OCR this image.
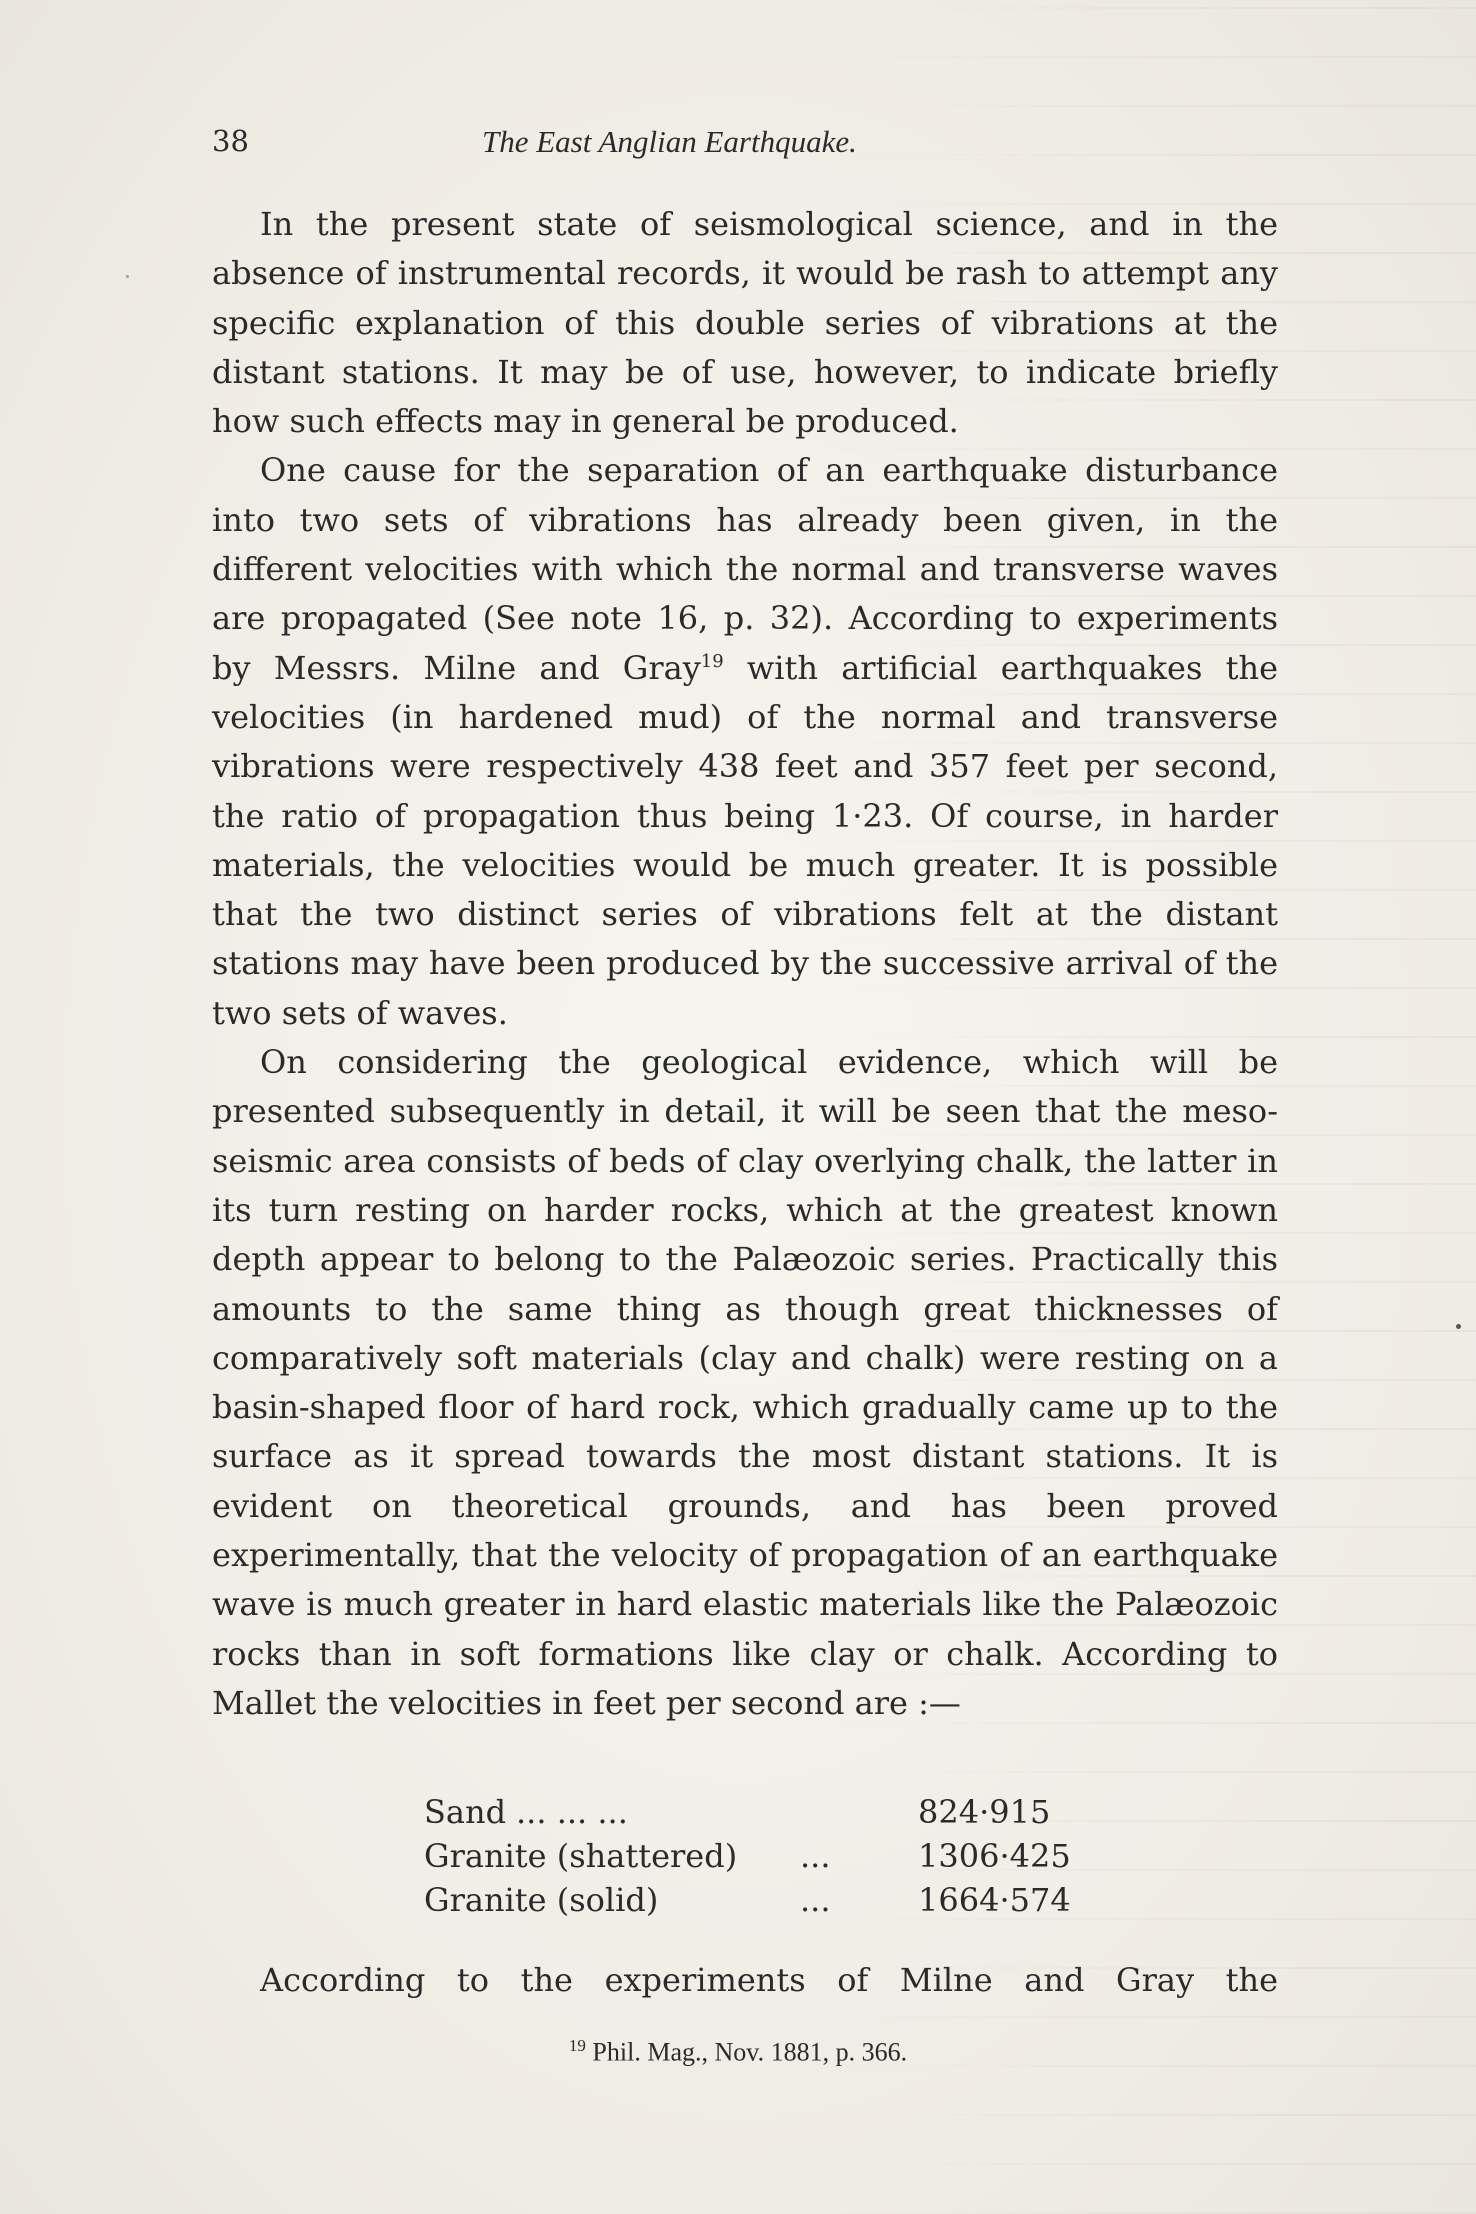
38	The East Anglian Earthquake.

In the present state of seismological science, and in the absence of instrumental records, it would be rash to attempt any specific explanation of this double series of vibrations at the distant stations. It may be of use, however, to indicate briefly how such effects may in general be produced.

One cause for the separation of an earthquake disturbance into two sets of vibrations has already been given, in the different velocities with which the normal and transverse waves are propagated (See note 16, p. 32). According to experiments by Messrs. Milne and Gray$^{19}$ with artificial earthquakes the velocities (in hardened mud) of the normal and transverse vibrations were respectively 438 feet and 357 feet per second, the ratio of propagation thus being 1·23. Of course, in harder materials, the velocities would be much greater. It is possible that the two distinct series of vibrations felt at the distant stations may have been produced by the successive arrival of the two sets of waves.

On considering the geological evidence, which will be presented subsequently in detail, it will be seen that the meso-seismic area consists of beds of clay overlying chalk, the latter in its turn resting on harder rocks, which at the greatest known depth appear to belong to the Palæozoic series. Practically this amounts to the same thing as though great thicknesses of comparatively soft materials (clay and chalk) were resting on a basin-shaped floor of hard rock, which gradually came up to the surface as it spread towards the most distant stations. It is evident on theoretical grounds, and has been proved experimentally, that the velocity of propagation of an earthquake wave is much greater in hard elastic materials like the Palæozoic rocks than in soft formations like clay or chalk. According to Mallet the velocities in feet per second are :—

Sand ... ... ...	824·915
Granite (shattered) ...	1306·425
Granite (solid)	...	1664·574
According to the experiments of Milne and Gray the
$^{19}$ Phil. Mag., Nov. 1881, p. 366.
